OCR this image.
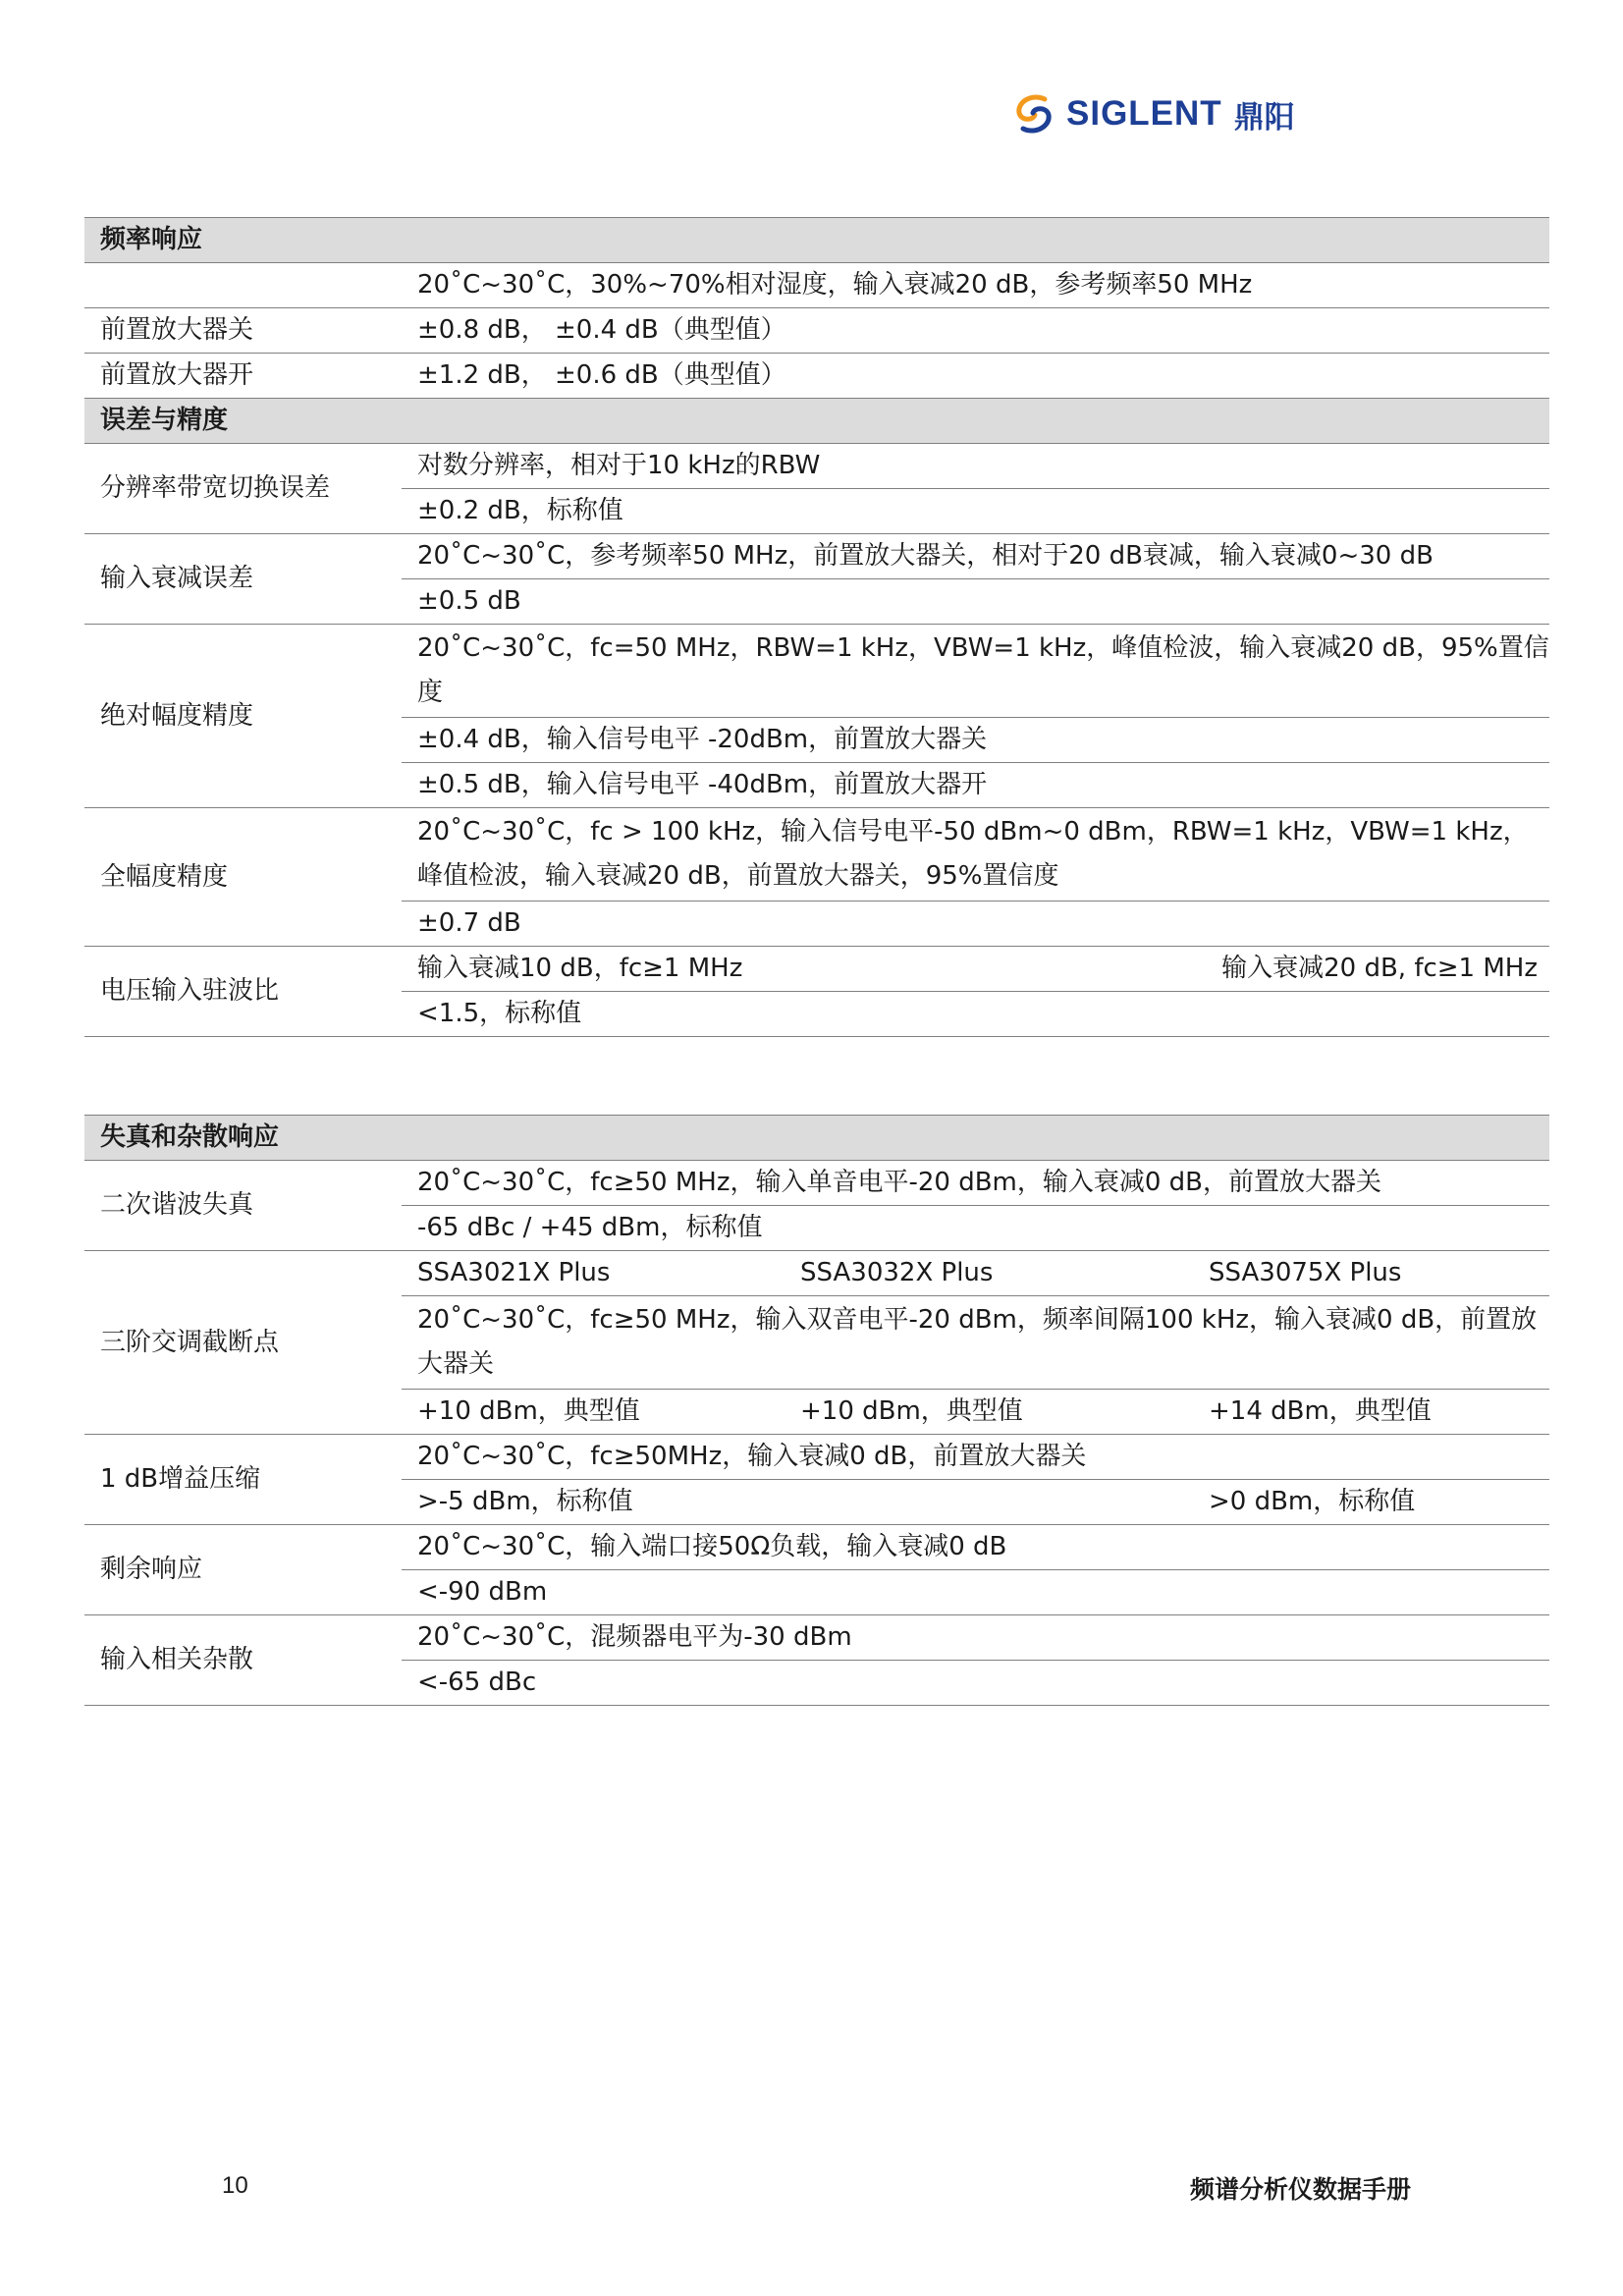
SIGLENT 鼎阳
频率响应	
	20˚C~30˚C，30%~70%相对湿度，输入衰减20 dB，参考频率50 MHz
前置放大器关	±0.8 dB， ±0.4 dB（典型值）
前置放大器开	±1.2 dB， ±0.6 dB（典型值）
误差与精度	
分辨率带宽切换误差	对数分辨率，相对于10 kHz的RBW
	±0.2 dB，标称值
输入衰减误差	20˚C~30˚C，参考频率50 MHz，前置放大器关，相对于20 dB衰减，输入衰减0~30 dB
	±0.5 dB
绝对幅度精度	20˚C~30˚C，fc=50 MHz，RBW=1 kHz，VBW=1 kHz，峰值检波，输入衰减20 dB，95%置信度
	±0.4 dB，输入信号电平 -20dBm，前置放大器关
	±0.5 dB，输入信号电平 -40dBm，前置放大器开
全幅度精度	20˚C~30˚C，fc > 100 kHz，输入信号电平-50 dBm~0 dBm，RBW=1 kHz，VBW=1 kHz，峰值检波，输入衰减20 dB，前置放大器关，95%置信度
	±0.7 dB
电压输入驻波比	输入衰减10 dB，fc≥1 MHz 输入衰减20 dB, fc≥1 MHz

	<1.5，标称值
失真和杂散响应	
二次谐波失真	20˚C~30˚C，fc≥50 MHz，输入单音电平-20 dBm，输入衰减0 dB，前置放大器关
	-65 dBc / +45 dBm，标称值
三阶交调截断点	SSA3021X Plus SSA3032X Plus SSA3075X Plus

	20˚C~30˚C，fc≥50 MHz，输入双音电平-20 dBm，频率间隔100 kHz，输入衰减0 dB，前置放大器关

	+10 dBm，典型值 +10 dBm，典型值 +14 dBm，典型值

1 dB增益压缩	20˚C~30˚C，fc≥50MHz，输入衰减0 dB，前置放大器关

	>-5 dBm，标称值 >0 dBm，标称值

剩余响应	20˚C~30˚C，输入端口接50Ω负载，输入衰减0 dB
	<-90 dBm
输入相关杂散	20˚C~30˚C，混频器电平为-30 dBm
	<-65 dBc
10	频谱分析仪数据手册
